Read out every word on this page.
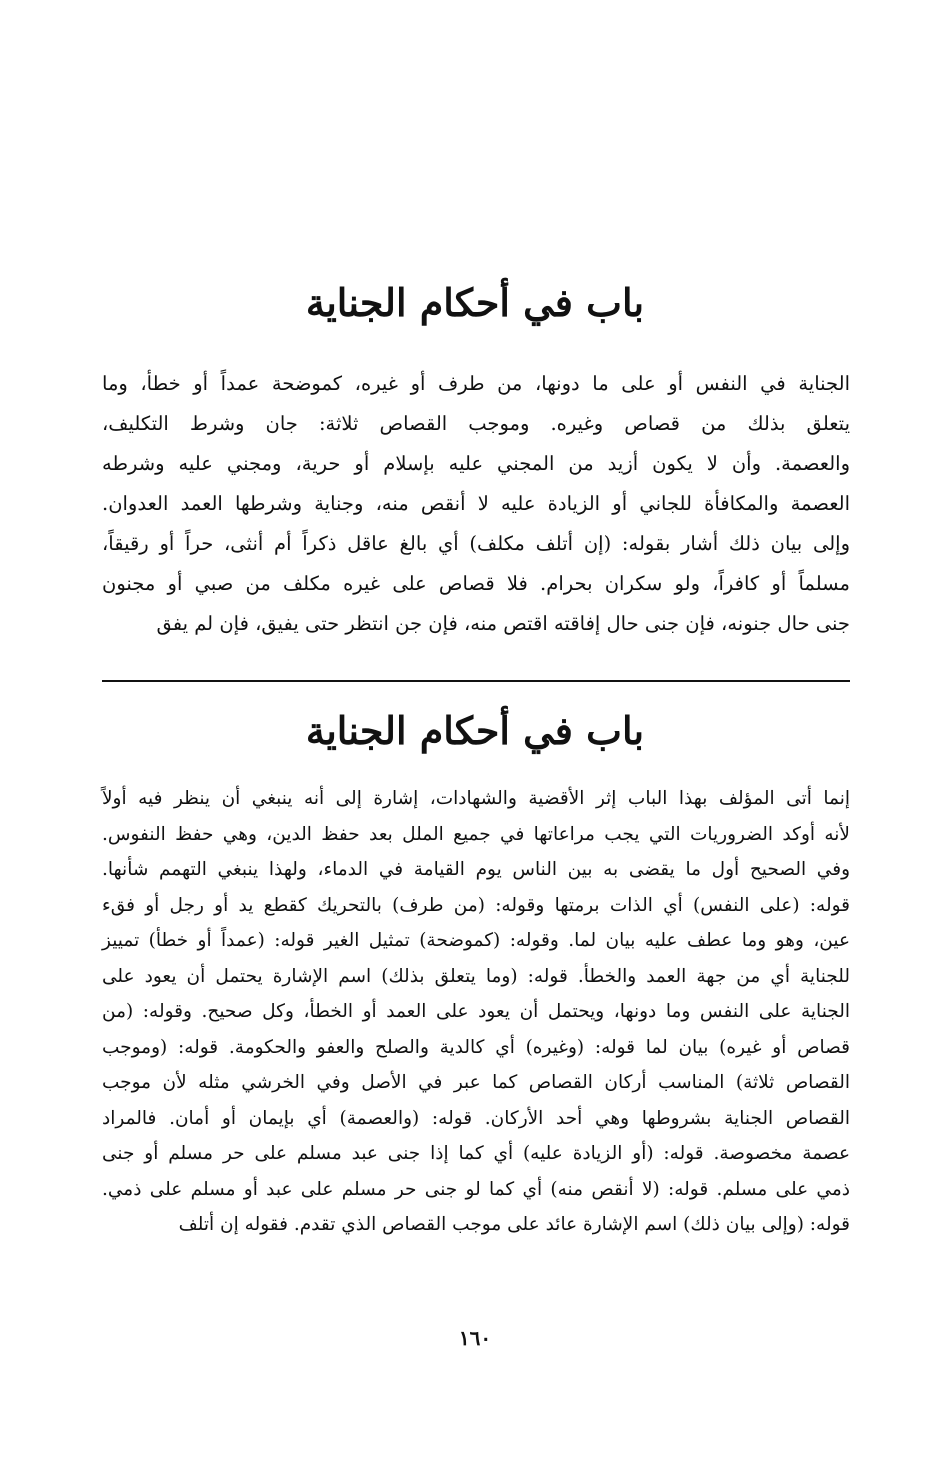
باب في أحكام الجناية
الجناية في النفس أو على ما دونها، من طرف أو غيره، كموضحة عمداً أو خطأ، وما
يتعلق بذلك من قصاص وغيره. وموجب القصاص ثلاثة: جان وشرط التكليف،
والعصمة. وأن لا يكون أزيد من المجني عليه بإسلام أو حرية، ومجني عليه وشرطه
العصمة والمكافأة للجاني أو الزيادة عليه لا أنقص منه، وجناية وشرطها العمد العدوان.
وإلى بيان ذلك أشار بقوله: (إن أتلف مكلف) أي بالغ عاقل ذكراً أم أنثى، حراً أو رقيقاً،
مسلماً أو كافراً، ولو سكران بحرام. فلا قصاص على غيره مكلف من صبي أو مجنون
جنى حال جنونه، فإن جنى حال إفاقته اقتص منه، فإن جن انتظر حتى يفيق، فإن لم يفق
باب في أحكام الجناية
إنما أتى المؤلف بهذا الباب إثر الأقضية والشهادات، إشارة إلى أنه ينبغي أن ينظر فيه أولاً
لأنه أوكد الضروريات التي يجب مراعاتها في جميع الملل بعد حفظ الدين، وهي حفظ النفوس.
وفي الصحيح أول ما يقضى به بين الناس يوم القيامة في الدماء، ولهذا ينبغي التهمم شأنها.
قوله: (على النفس) أي الذات برمتها وقوله: (من طرف) بالتحريك كقطع يد أو رجل أو فقء
عين، وهو وما عطف عليه بيان لما. وقوله: (كموضحة) تمثيل الغير قوله: (عمداً أو خطأ) تمييز
للجناية أي من جهة العمد والخطأ. قوله: (وما يتعلق بذلك) اسم الإشارة يحتمل أن يعود على
الجناية على النفس وما دونها، ويحتمل أن يعود على العمد أو الخطأ، وكل صحيح. وقوله: (من
قصاص أو غيره) بيان لما قوله: (وغيره) أي كالدية والصلح والعفو والحكومة. قوله: (وموجب
القصاص ثلاثة) المناسب أركان القصاص كما عبر في الأصل وفي الخرشي مثله لأن موجب
القصاص الجناية بشروطها وهي أحد الأركان. قوله: (والعصمة) أي بإيمان أو أمان. فالمراد
عصمة مخصوصة. قوله: (أو الزيادة عليه) أي كما إذا جنى عبد مسلم على حر مسلم أو جنى
ذمي على مسلم. قوله: (لا أنقص منه) أي كما لو جنى حر مسلم على عبد أو مسلم على ذمي.
قوله: (وإلى بيان ذلك) اسم الإشارة عائد على موجب القصاص الذي تقدم. فقوله إن أتلف
١٦٠
